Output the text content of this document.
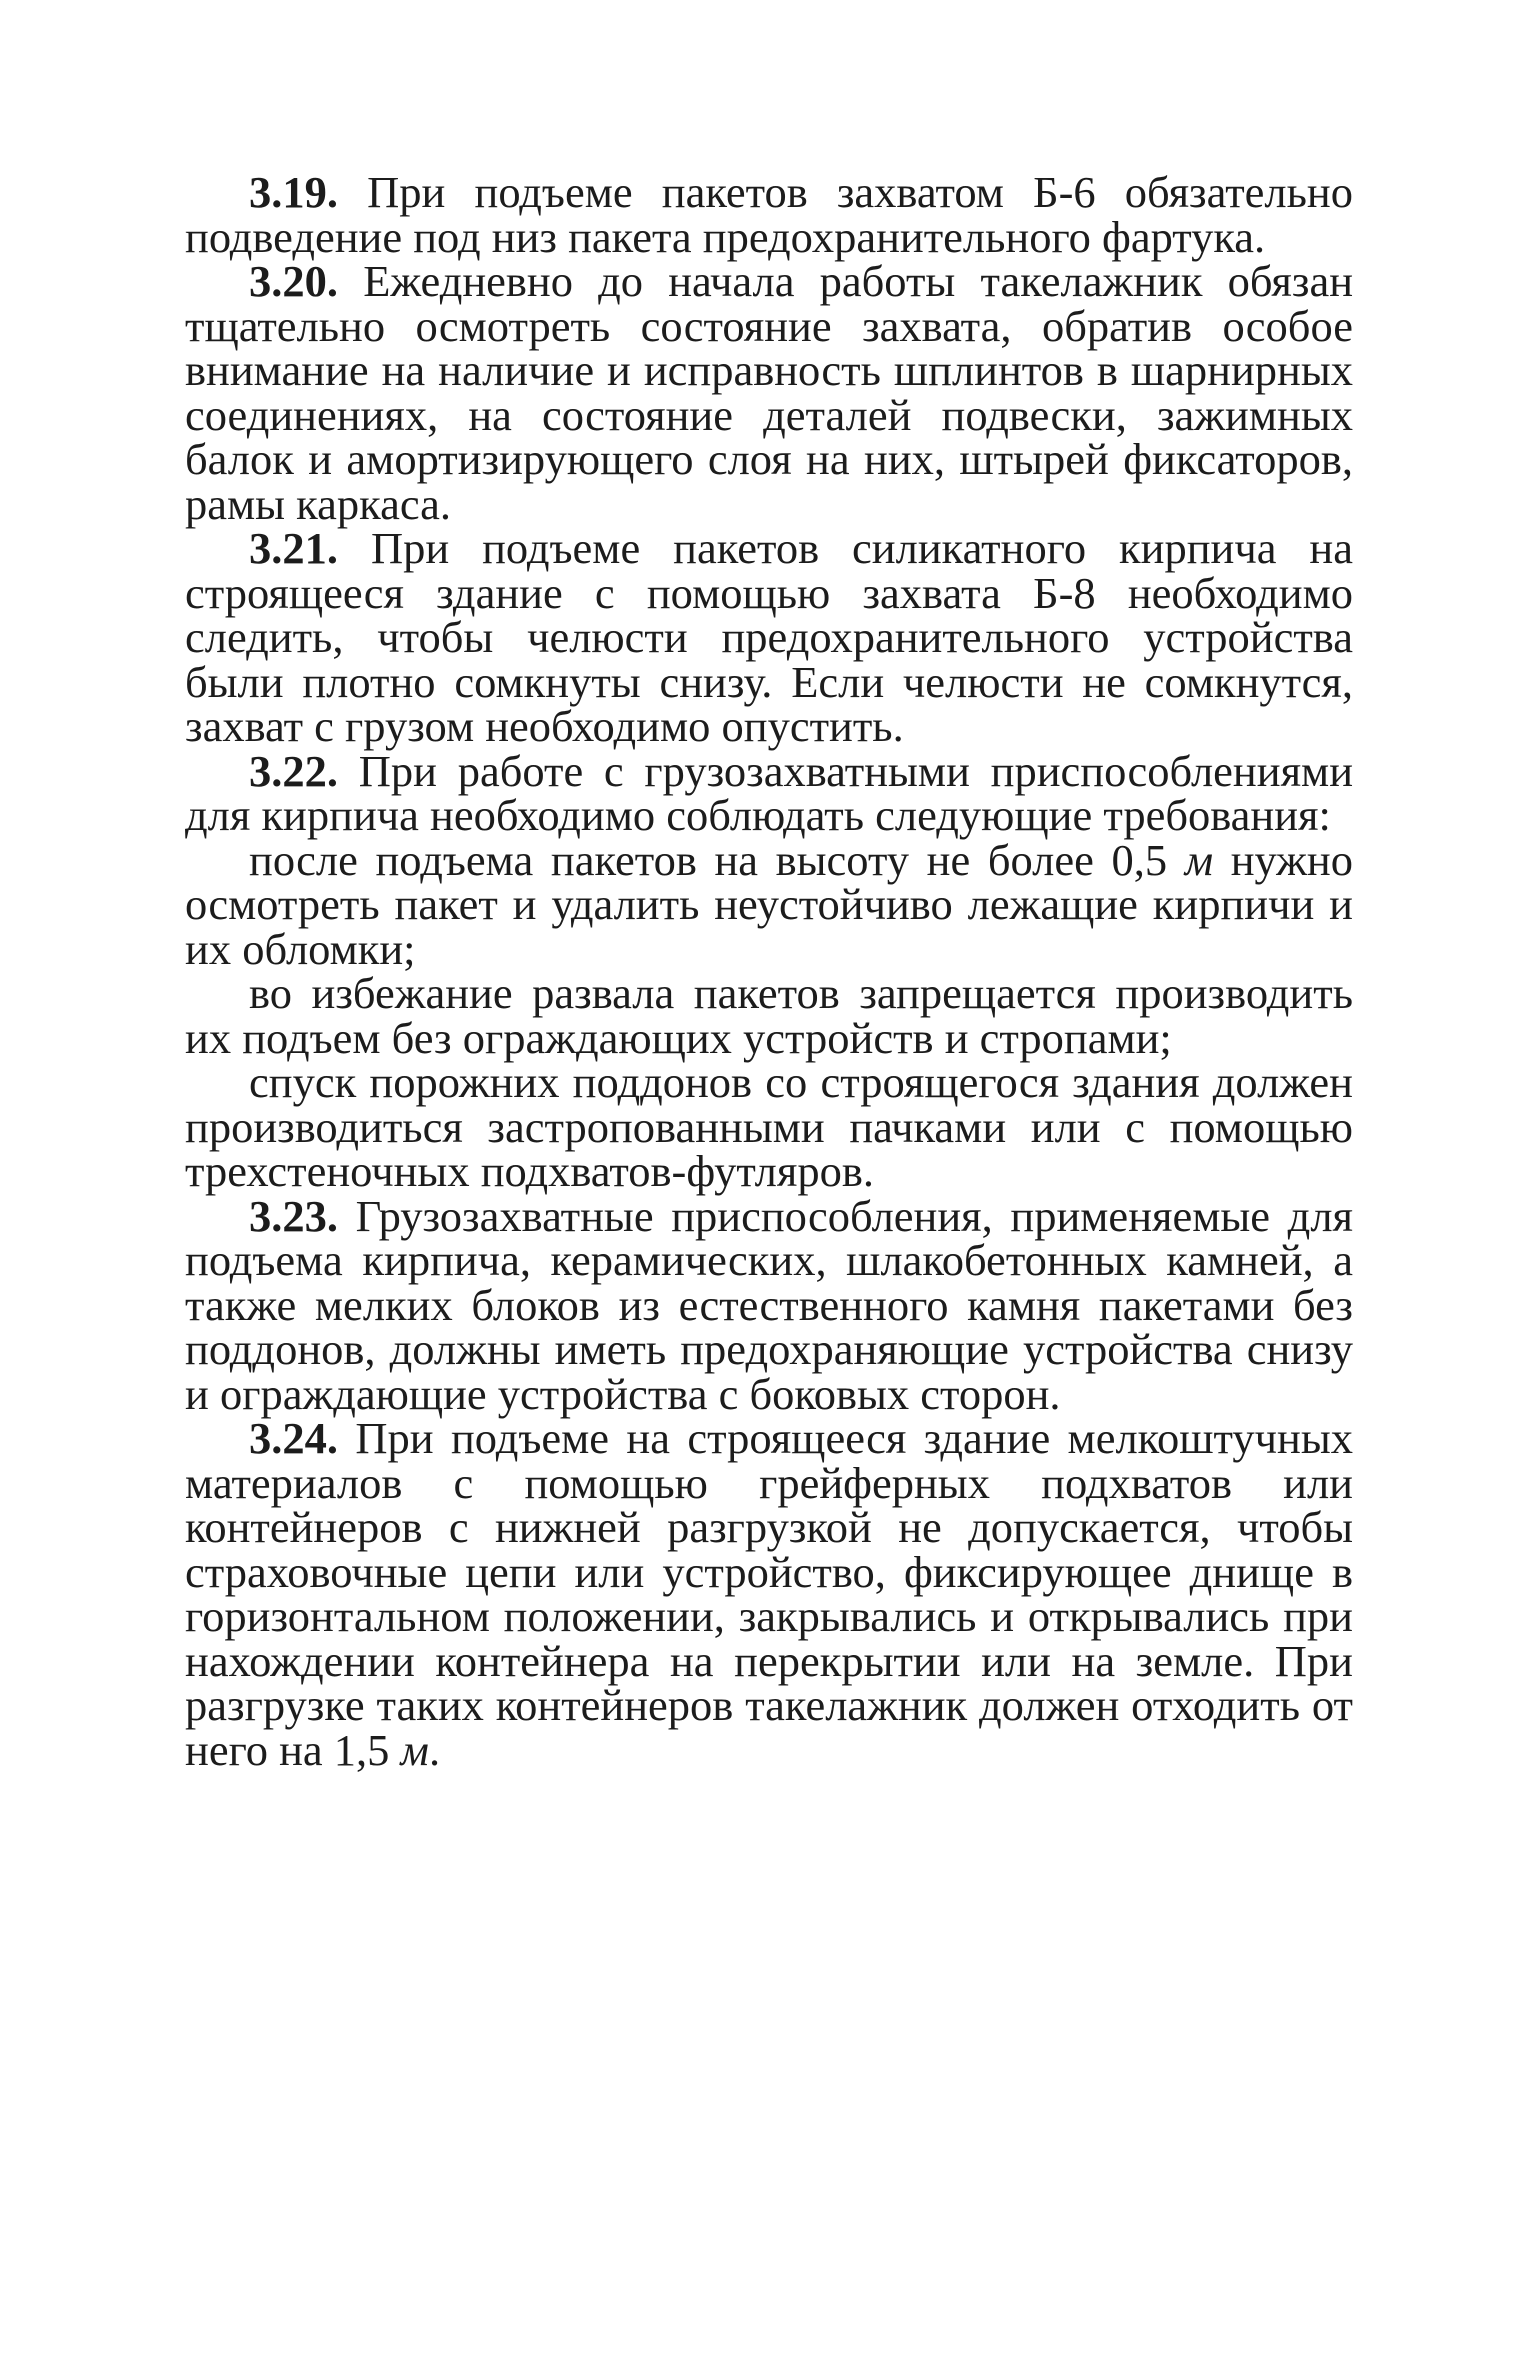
3.19. При подъеме пакетов захватом Б-6 обязательно подведение под низ пакета предохранительного фартука.

3.20. Ежедневно до начала работы такелажник обязан тщательно осмотреть состояние захвата, обратив особое внимание на наличие и исправность шплинтов в шарнирных соединениях, на состояние деталей подвески, зажимных балок и амортизирующего слоя на них, штырей фиксаторов, рамы каркаса.

3.21. При подъеме пакетов силикатного кирпича на строящееся здание с помощью захвата Б-8 необходимо следить, чтобы челюсти предохранительного устройства были плотно сомкнуты снизу. Если челюсти не сомкнутся, захват с грузом необходимо опустить.

3.22. При работе с грузозахватными приспособлениями для кирпича необходимо соблюдать следующие требования:

после подъема пакетов на высоту не более 0,5 м нужно осмотреть пакет и удалить неустойчиво лежащие кирпичи и их обломки;

во избежание развала пакетов запрещается производить их подъем без ограждающих устройств и стропами;

спуск порожних поддонов со строящегося здания должен производиться застропованными пачками или с помощью трехстеночных подхватов-футляров.

3.23. Грузозахватные приспособления, применяемые для подъема кирпича, керамических, шлакобетонных камней, а также мелких блоков из естественного камня пакетами без поддонов, должны иметь предохраняющие устройства снизу и ограждающие устройства с боковых сторон.

3.24. При подъеме на строящееся здание мелкоштучных материалов с помощью грейферных подхватов или контейнеров с нижней разгрузкой не допускается, чтобы страховочные цепи или устройство, фиксирующее днище в горизонтальном положении, закрывались и открывались при нахождении контейнера на перекрытии или на земле. При разгрузке таких контейнеров такелажник должен отходить от него на 1,5 м.
